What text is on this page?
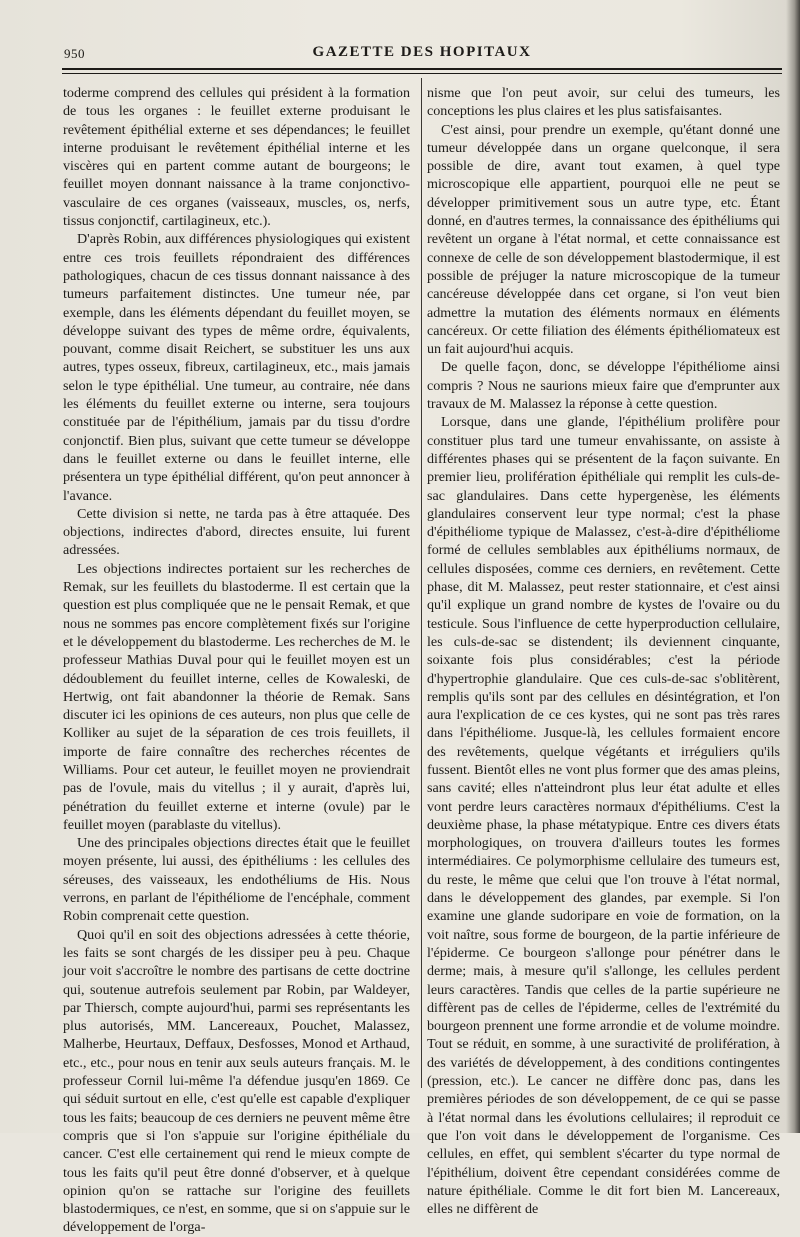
950	GAZETTE DES HOPITAUX

toderme comprend des cellules qui président à la formation de tous les organes : le feuillet externe produisant le revêtement épithélial externe et ses dépendances; le feuillet interne produisant le revêtement épithélial interne et les viscères qui en partent comme autant de bourgeons; le feuillet moyen donnant naissance à la trame conjonctivo-vasculaire de ces organes (vaisseaux, muscles, os, nerfs, tissus conjonctif, cartilagineux, etc.).

D'après Robin, aux différences physiologiques qui existent entre ces trois feuillets répondraient des différences pathologiques, chacun de ces tissus donnant naissance à des tumeurs parfaitement distinctes. Une tumeur née, par exemple, dans les éléments dépendant du feuillet moyen, se développe suivant des types de même ordre, équivalents, pouvant, comme disait Reichert, se substituer les uns aux autres, types osseux, fibreux, cartilagineux, etc., mais jamais selon le type épithélial. Une tumeur, au contraire, née dans les éléments du feuillet externe ou interne, sera toujours constituée par de l'épithélium, jamais par du tissu d'ordre conjonctif. Bien plus, suivant que cette tumeur se développe dans le feuillet externe ou dans le feuillet interne, elle présentera un type épithélial différent, qu'on peut annoncer à l'avance.

Cette division si nette, ne tarda pas à être attaquée. Des objections, indirectes d'abord, directes ensuite, lui furent adressées.

Les objections indirectes portaient sur les recherches de Remak, sur les feuillets du blastoderme. Il est certain que la question est plus compliquée que ne le pensait Remak, et que nous ne sommes pas encore complètement fixés sur l'origine et le développement du blastoderme. Les recherches de M. le professeur Mathias Duval pour qui le feuillet moyen est un dédoublement du feuillet interne, celles de Kowaleski, de Hertwig, ont fait abandonner la théorie de Remak. Sans discuter ici les opinions de ces auteurs, non plus que celle de Kolliker au sujet de la séparation de ces trois feuillets, il importe de faire connaître des recherches récentes de Williams. Pour cet auteur, le feuillet moyen ne proviendrait pas de l'ovule, mais du vitellus ; il y aurait, d'après lui, pénétration du feuillet externe et interne (ovule) par le feuillet moyen (parablaste du vitellus).

Une des principales objections directes était que le feuillet moyen présente, lui aussi, des épithéliums : les cellules des séreuses, des vaisseaux, les endothéliums de His. Nous verrons, en parlant de l'épithéliome de l'encéphale, comment Robin comprenait cette question.

Quoi qu'il en soit des objections adressées à cette théorie, les faits se sont chargés de les dissiper peu à peu. Chaque jour voit s'accroître le nombre des partisans de cette doctrine qui, soutenue autrefois seulement par Robin, par Waldeyer, par Thiersch, compte aujourd'hui, parmi ses représentants les plus autorisés, MM. Lancereaux, Pouchet, Malassez, Malherbe, Heurtaux, Deffaux, Desfosses, Monod et Arthaud, etc., etc., pour nous en tenir aux seuls auteurs français. M. le professeur Cornil lui-même l'a défendue jusqu'en 1869. Ce qui séduit surtout en elle, c'est qu'elle est capable d'expliquer tous les faits; beaucoup de ces derniers ne peuvent même être compris que si l'on s'appuie sur l'origine épithéliale du cancer. C'est elle certainement qui rend le mieux compte de tous les faits qu'il peut être donné d'observer, et à quelque opinion qu'on se rattache sur l'origine des feuillets blastodermiques, ce n'est, en somme, que si on s'appuie sur le développement de l'orga-

nisme que l'on peut avoir, sur celui des tumeurs, les conceptions les plus claires et les plus satisfaisantes.

C'est ainsi, pour prendre un exemple, qu'étant donné une tumeur développée dans un organe quelconque, il sera possible de dire, avant tout examen, à quel type microscopique elle appartient, pourquoi elle ne peut se développer primitivement sous un autre type, etc. Étant donné, en d'autres termes, la connaissance des épithéliums qui revêtent un organe à l'état normal, et cette connaissance est connexe de celle de son développement blastodermique, il est possible de préjuger la nature microscopique de la tumeur cancéreuse développée dans cet organe, si l'on veut bien admettre la mutation des éléments normaux en éléments cancéreux. Or cette filiation des éléments épithéliomateux est un fait aujourd'hui acquis.

De quelle façon, donc, se développe l'épithéliome ainsi compris ? Nous ne saurions mieux faire que d'emprunter aux travaux de M. Malassez la réponse à cette question.

Lorsque, dans une glande, l'épithélium prolifère pour constituer plus tard une tumeur envahissante, on assiste à différentes phases qui se présentent de la façon suivante. En premier lieu, prolifération épithéliale qui remplit les culs-de-sac glandulaires. Dans cette hypergenèse, les éléments glandulaires conservent leur type normal; c'est la phase d'épithéliome typique de Malassez, c'est-à-dire d'épithéliome formé de cellules semblables aux épithéliums normaux, de cellules disposées, comme ces derniers, en revêtement. Cette phase, dit M. Malassez, peut rester stationnaire, et c'est ainsi qu'il explique un grand nombre de kystes de l'ovaire ou du testicule. Sous l'influence de cette hyperproduction cellulaire, les culs-de-sac se distendent; ils deviennent cinquante, soixante fois plus considérables; c'est la période d'hypertrophie glandulaire. Que ces culs-de-sac s'oblitèrent, remplis qu'ils sont par des cellules en désintégration, et l'on aura l'explication de ce ces kystes, qui ne sont pas très rares dans l'épithéliome. Jusque-là, les cellules formaient encore des revêtements, quelque végétants et irréguliers qu'ils fussent. Bientôt elles ne vont plus former que des amas pleins, sans cavité; elles n'atteindront plus leur état adulte et elles vont perdre leurs caractères normaux d'épithéliums. C'est la deuxième phase, la phase métatypique. Entre ces divers états morphologiques, on trouvera d'ailleurs toutes les formes intermédiaires. Ce polymorphisme cellulaire des tumeurs est, du reste, le même que celui que l'on trouve à l'état normal, dans le développement des glandes, par exemple. Si l'on examine une glande sudoripare en voie de formation, on la voit naître, sous forme de bourgeon, de la partie inférieure de l'épiderme. Ce bourgeon s'allonge pour pénétrer dans le derme; mais, à mesure qu'il s'allonge, les cellules perdent leurs caractères. Tandis que celles de la partie supérieure ne diffèrent pas de celles de l'épiderme, celles de l'extrémité du bourgeon prennent une forme arrondie et de volume moindre. Tout se réduit, en somme, à une suractivité de prolifération, à des variétés de développement, à des conditions contingentes (pression, etc.). Le cancer ne diffère donc pas, dans les premières périodes de son développement, de ce qui se passe à l'état normal dans les évolutions cellulaires; il reproduit ce que l'on voit dans le développement de l'organisme. Ces cellules, en effet, qui semblent s'écarter du type normal de l'épithélium, doivent être cependant considérées comme de nature épithéliale. Comme le dit fort bien M. Lancereaux, elles ne diffèrent de
